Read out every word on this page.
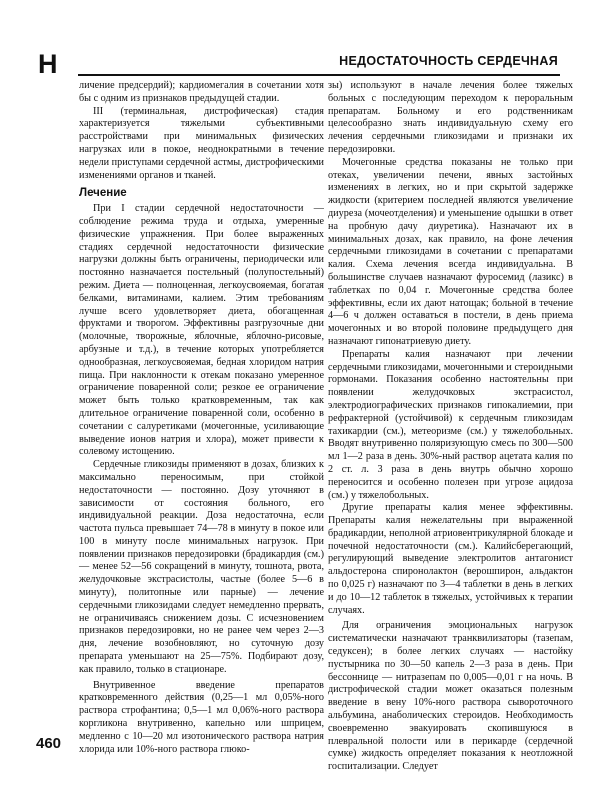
Н	НЕДОСТАТОЧНОСТЬ СЕРДЕЧНАЯ

личение предсердий); кардиомегалия в сочетании хотя бы с одним из признаков предыдущей стадии.

III (терминальная, дистрофическая) стадия характеризуется тяжелыми субъективными расстройствами при минимальных физических нагрузках или в покое, неоднократными в течение недели приступами сердечной астмы, дистрофическими изменениями органов и тканей.

Лечение

При I стадии сердечной недостаточности — соблюдение режима труда и отдыха, умеренные физические упражнения. При более выраженных стадиях сердечной недостаточности физические нагрузки должны быть ограничены, периодически или постоянно назначается постельный (полупостельный) режим. Диета — полноценная, легкоусвояемая, богатая белками, витаминами, калием. Этим требованиям лучше всего удовлетворяет диета, обогащенная фруктами и творогом. Эффективны разгрузочные дни (молочные, творожные, яблочные, яблочно-рисовые, арбузные и т.д.), в течение которых употребляется однообразная, легкоусвояемая, бедная хлоридом натрия пища. При наклонности к отекам показано умеренное ограничение поваренной соли; резкое ее ограничение может быть только кратковременным, так как длительное ограничение поваренной соли, особенно в сочетании с салуретиками (мочегонные, усиливающие выведение ионов натрия и хлора), может привести к солевому истощению.

Сердечные гликозиды применяют в дозах, близких к максимально переносимым, при стойкой недостаточности — постоянно. Дозу уточняют в зависимости от состояния больного, его индивидуальной реакции. Доза недостаточна, если частота пульса превышает 74—78 в минуту в покое или 100 в минуту после минимальных нагрузок. При появлении признаков передозировки (брадикардия (см.) — менее 52—56 сокращений в минуту, тошнота, рвота, желудочковые экстрасистолы, частые (более 5—6 в минуту), политопные или парные) — лечение сердечными гликозидами следует немедленно прервать, не ограничиваясь снижением дозы. С исчезновением признаков передозировки, но не ранее чем через 2—3 дня, лечение возобновляют, но суточную дозу препарата уменьшают на 25—75%. Подбирают дозу, как правило, только в стационаре.

Внутривенное введение препаратов кратковременного действия (0,25—1 мл 0,05%-ного раствора строфантина; 0,5—1 мл 0,06%-ного раствора коргликона внутривенно, капельно или шприцем, медленно с 10—20 мл изотонического раствора натрия хлорида или 10%-ного раствора глюко-

зы) используют в начале лечения более тяжелых больных с последующим переходом к пероральным препаратам. Больному и его родственникам целесообразно знать индивидуальную схему его лечения сердечными гликозидами и признаки их передозировки.

Мочегонные средства показаны не только при отеках, увеличении печени, явных застойных изменениях в легких, но и при скрытой задержке жидкости (критерием последней являются увеличение диуреза (мочеотделения) и уменьшение одышки в ответ на пробную дачу диуретика). Назначают их в минимальных дозах, как правило, на фоне лечения сердечными гликозидами в сочетании с препаратами калия. Схема лечения всегда индивидуальна. В большинстве случаев назначают фуросемид (лазикс) в таблетках по 0,04 г. Мочегонные средства более эффективны, если их дают натощак; больной в течение 4—6 ч должен оставаться в постели, в день приема мочегонных и во второй половине предыдущего дня назначают гипонатриевую диету.

Препараты калия назначают при лечении сердечными гликозидами, мочегонными и стероидными гормонами. Показания особенно настоятельны при появлении желудочковых экстрасистол, электродиографических признаков гипокалиемии, при рефрактерной (устойчивой) к сердечным гликозидам тахикардии (см.), метеоризме (см.) у тяжелобольных. Вводят внутривенно поляризующую смесь по 300—500 мл 1—2 раза в день. 30%-ный раствор ацетата калия по 2 ст. л. 3 раза в день внутрь обычно хорошо переносится и особенно полезен при угрозе ацидоза (см.) у тяжелобольных.

Другие препараты калия менее эффективны. Препараты калия нежелательны при выраженной брадикардии, неполной атриовентрикулярной блокаде и почечной недостаточности (см.). Калийсберегающий, регулирующий выведение электролитов антагонист альдостерона спиронолактон (верошпирон, альдактон по 0,025 г) назначают по 3—4 таблетки в день в легких и до 10—12 таблеток в тяжелых, устойчивых к терапии случаях.

Для ограничения эмоциональных нагрузок систематически назначают транквилизаторы (тазепам, седуксен); в более легких случаях — настойку пустырника по 30—50 капель 2—3 раза в день. При бессоннице — нитразепам по 0,005—0,01 г на ночь. В дистрофической стадии может оказаться полезным введение в вену 10%-ного раствора сывороточного альбумина, анаболических стероидов. Необходимость своевременно эвакуировать скопившуюся в плевральной полости или в перикарде (сердечной сумке) жидкость определяет показания к неотложной госпитализации. Следует

460
